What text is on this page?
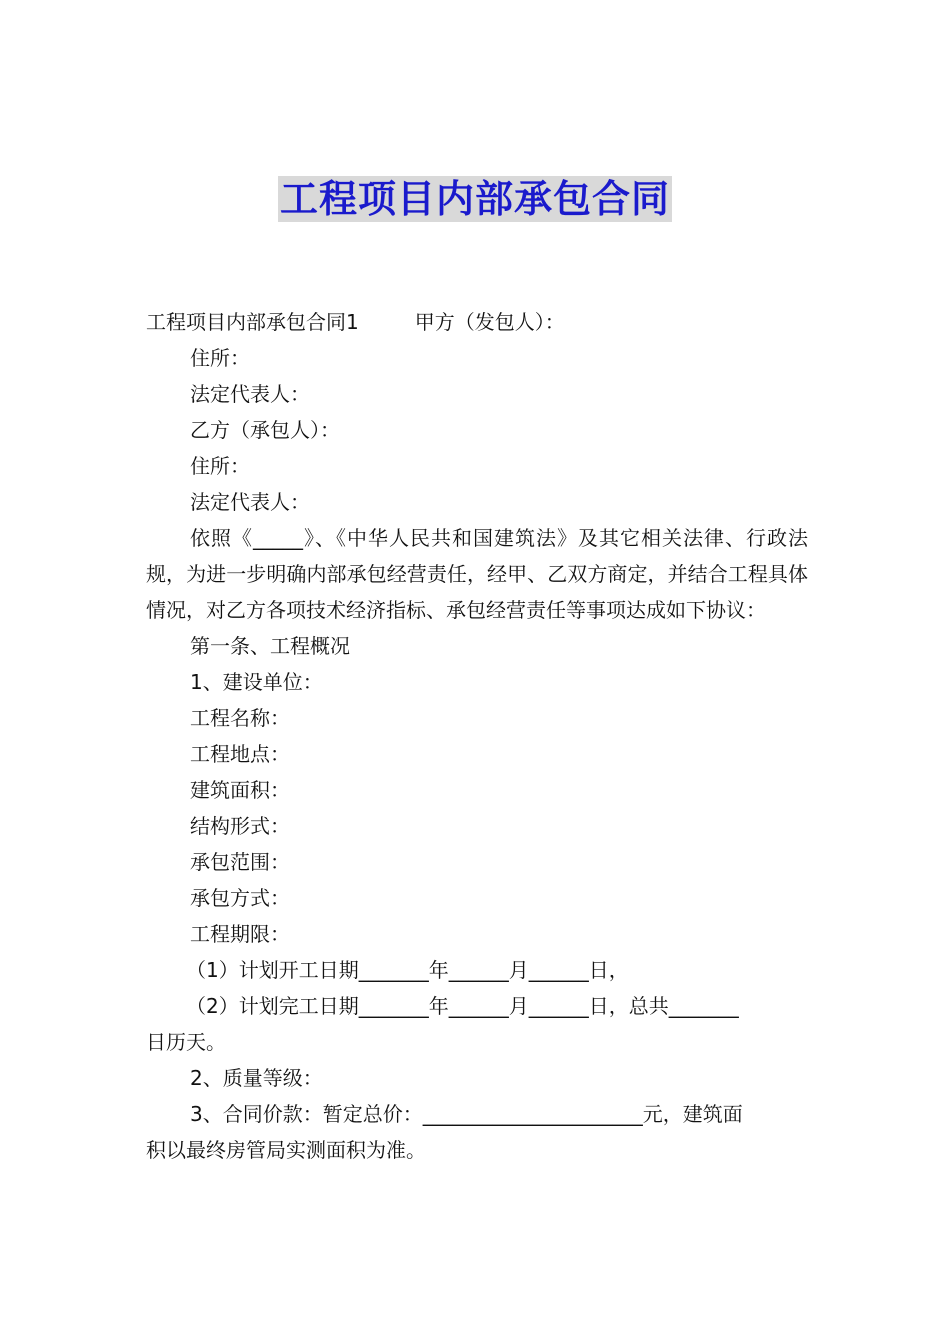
工程项目内部承包合同
工程项目内部承包合同1	甲方（发包人）：
住所：
法定代表人：
乙方（承包人）：
住所：
法定代表人：
依照《_____》、《中华人民共和国建筑法》及其它相关法律、行政法规，为进一步明确内部承包经营责任，经甲、乙双方商定，并结合工程具体情况，对乙方各项技术经济指标、承包经营责任等事项达成如下协议：
第一条、工程概况
1、建设单位：
工程名称：
工程地点：
建筑面积：
结构形式：
承包范围：
承包方式：
工程期限：
（1）计划开工日期_______年______月______日，
（2）计划完工日期_______年______月______日，总共_______
日历天。
2、质量等级：
3、合同价款：暂定总价：______________________元，建筑面
积以最终房管局实测面积为准。
